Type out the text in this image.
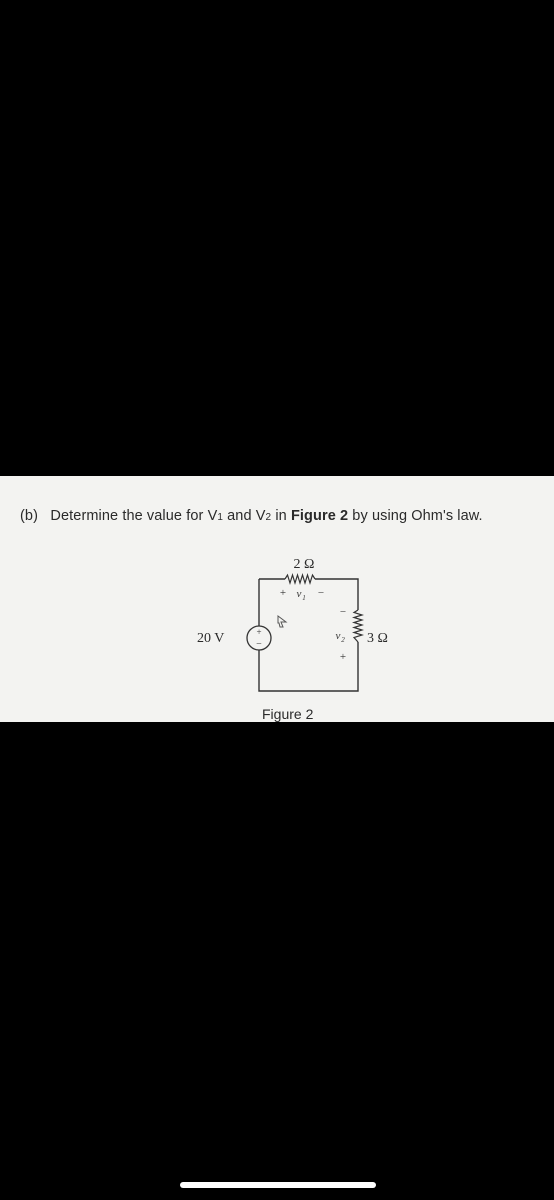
(b) Determine the value for V1 and V2 in Figure 2 by using Ohm's law.
+
−
2 Ω
3 Ω
20 V
+ v 1 −
−
v 2
+
Figure 2
